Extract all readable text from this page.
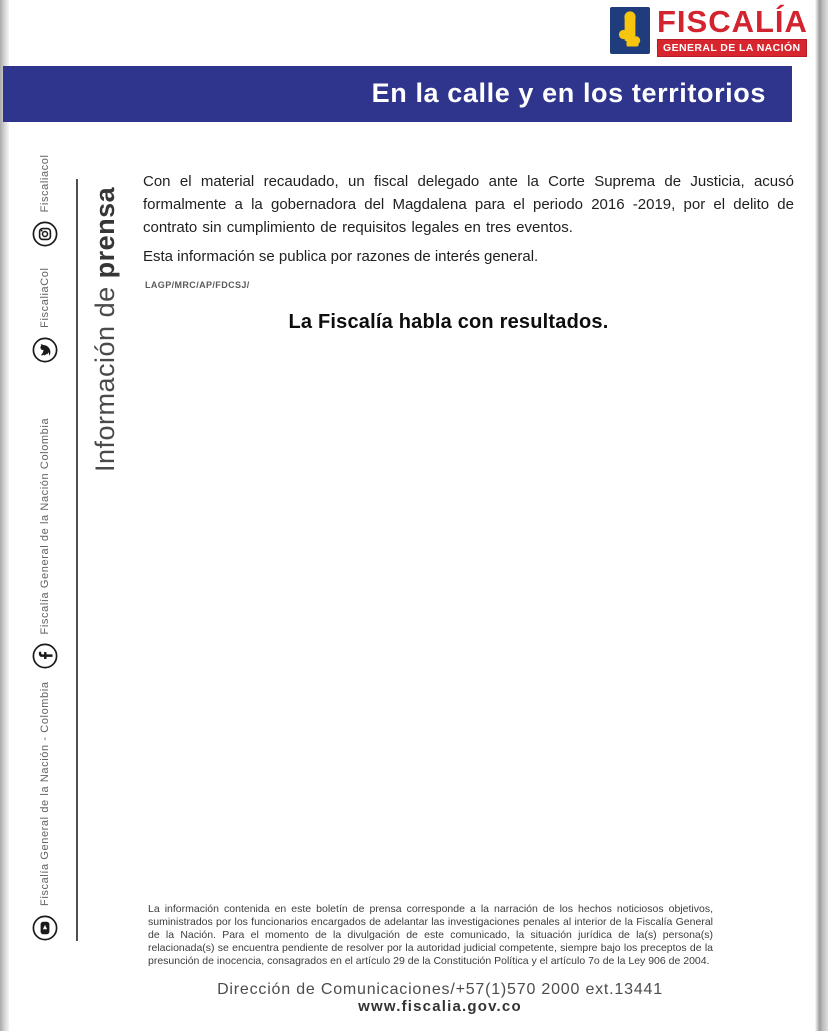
FISCALÍA
GENERAL DE LA NACIÓN
En la calle y en los territorios
Información de prensa
Fiscalía General de la Nación - Colombia
Fiscalía General de la Nación Colombia
FiscaliaCol
Fiscaliacol	Con el material recaudado, un fiscal delegado ante la Corte Suprema de Justicia, acusó formalmente a la gobernadora del Magdalena para el periodo 2016 -2019, por el delito de contrato sin cumplimiento de requisitos legales en tres eventos.

Esta información se publica por razones de interés general.

LAGP/MRC/AP/FDCSJ/
La Fiscalía habla con resultados.

La información contenida en este boletín de prensa corresponde a la narración de los hechos noticiosos objetivos, suministrados por los funcionarios encargados de adelantar las investigaciones penales al interior de la Fiscalía General de la Nación. Para el momento de la divulgación de este comunicado, la situación jurídica de la(s) persona(s) relacionada(s) se encuentra pendiente de resolver por la autoridad judicial competente, siempre bajo los preceptos de la presunción de inocencia, consagrados en el artículo 29 de la Constitución Política y el artículo 7o de la Ley 906 de 2004.

Dirección de Comunicaciones/+57(1)570 2000 ext.13441
www.fiscalia.gov.co
